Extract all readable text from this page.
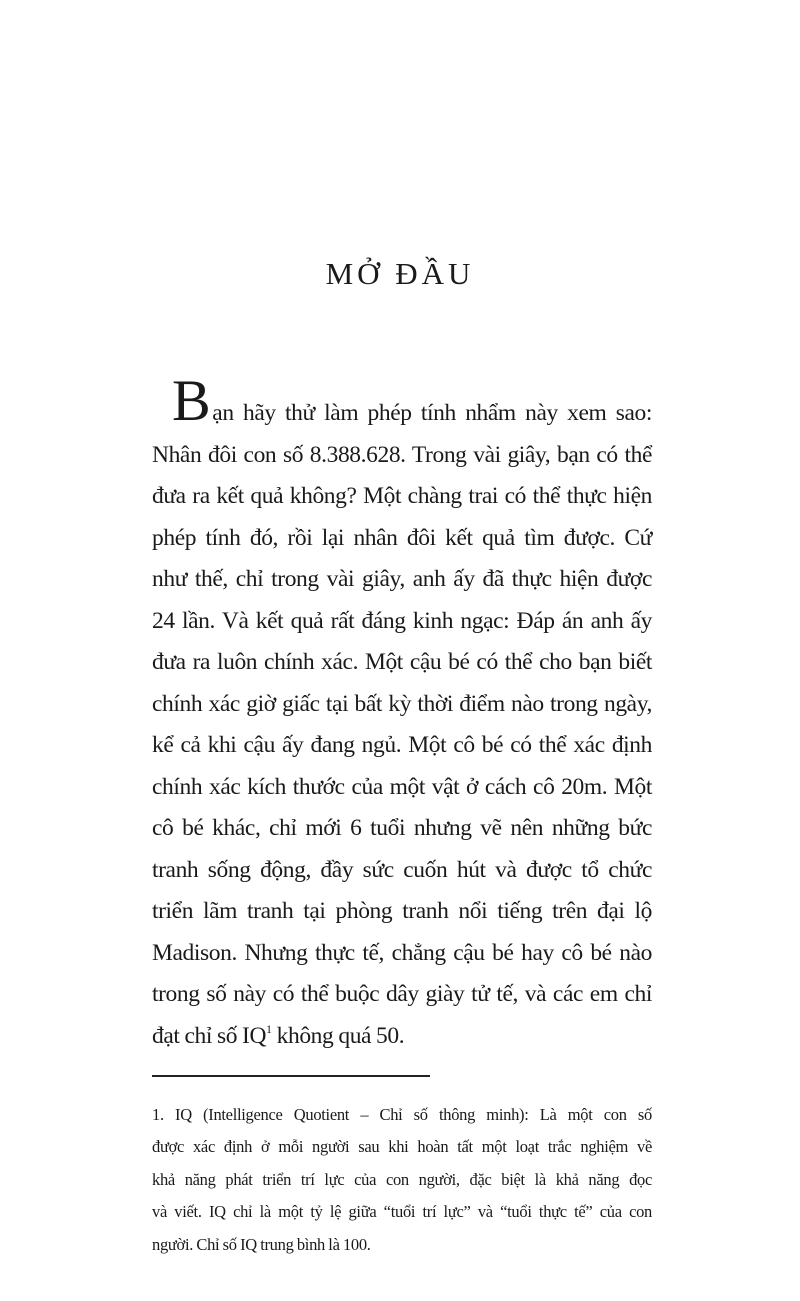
MỞ ĐẦU
B ạn hãy thử làm phép tính nhẩm này xem sao:
Nhân đôi con số 8.388.628. Trong vài giây, bạn có thể
đưa ra kết quả không? Một chàng trai có thể thực hiện
phép tính đó, rồi lại nhân đôi kết quả tìm được. Cứ
như thế, chỉ trong vài giây, anh ấy đã thực hiện được
24 lần. Và kết quả rất đáng kinh ngạc: Đáp án anh ấy
đưa ra luôn chính xác. Một cậu bé có thể cho bạn biết
chính xác giờ giấc tại bất kỳ thời điểm nào trong ngày,
kể cả khi cậu ấy đang ngủ. Một cô bé có thể xác định
chính xác kích thước của một vật ở cách cô 20m. Một
cô bé khác, chỉ mới 6 tuổi nhưng vẽ nên những bức
tranh sống động, đầy sức cuốn hút và được tổ chức
triển lãm tranh tại phòng tranh nổi tiếng trên đại lộ
Madison. Nhưng thực tế, chẳng cậu bé hay cô bé nào
trong số này có thể buộc dây giày tử tế, và các em chỉ
đạt chỉ số $IQ^1$ không quá 50.
1. IQ (Intelligence Quotient – Chỉ số thông minh): Là một con số
được xác định ở mỗi người sau khi hoàn tất một loạt trắc nghiệm về
khả năng phát triển trí lực của con người, đặc biệt là khả năng đọc
và viết. IQ chỉ là một tỷ lệ giữa “tuổi trí lực” và “tuổi thực tế” của con
người. Chỉ số IQ trung bình là 100.
